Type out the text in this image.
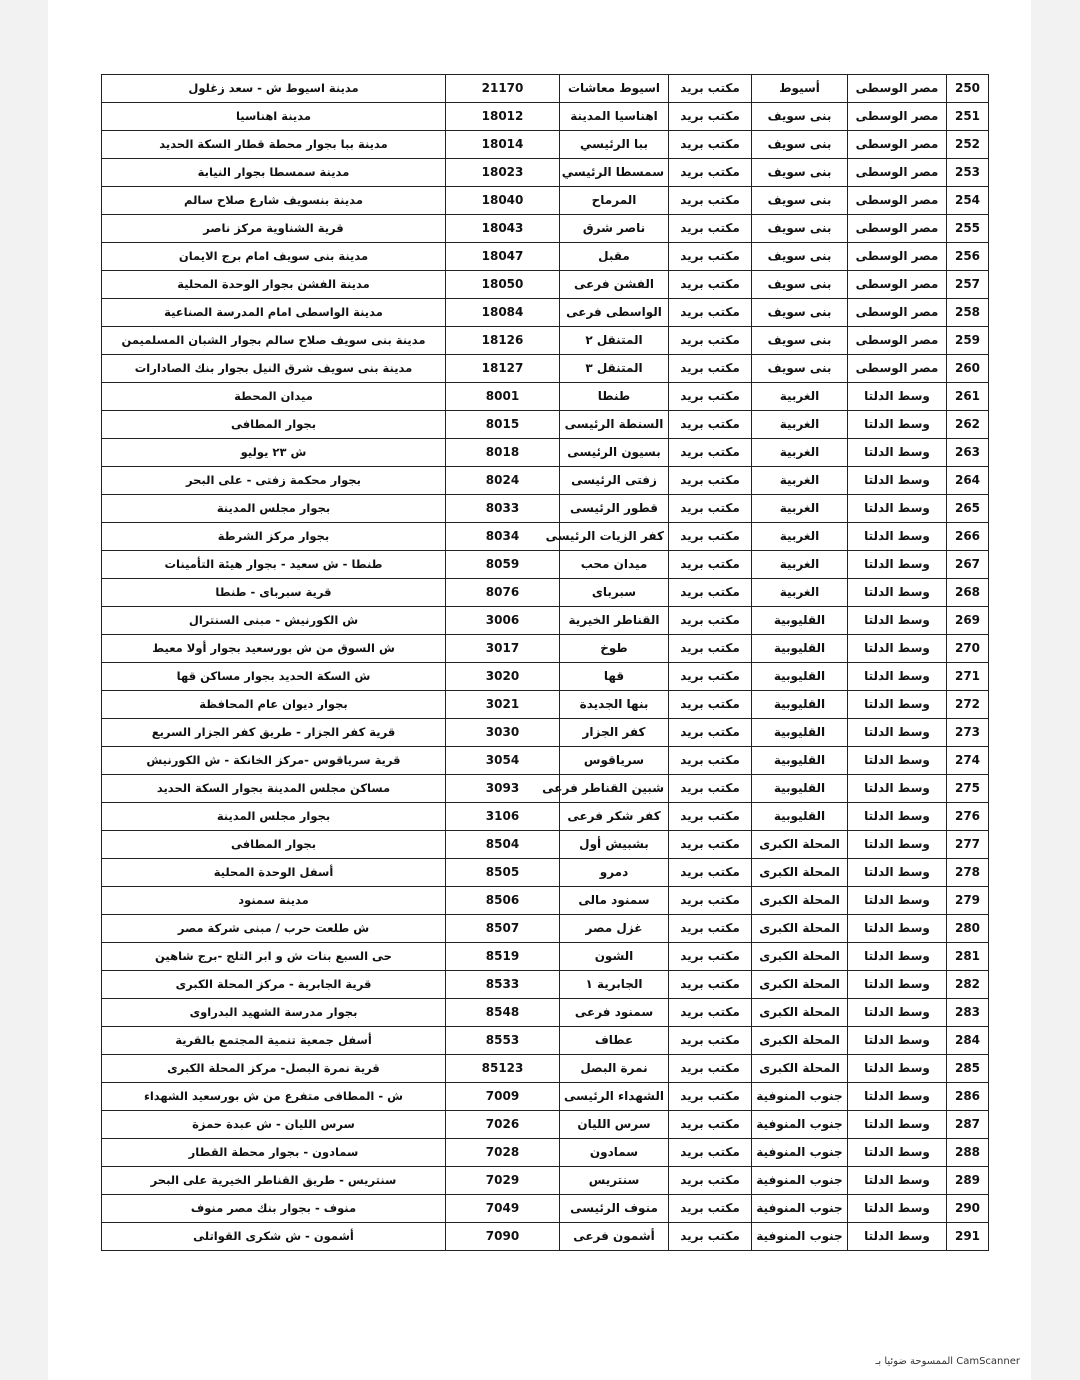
250	مصر الوسطى	أسيوط	مكتب بريد	اسيوط معاشات	21170	مدينة اسيوط ش - سعد زغلول
251	مصر الوسطى	بنى سويف	مكتب بريد	اهناسيا المدينة	18012	مدينة اهناسيا
252	مصر الوسطى	بنى سويف	مكتب بريد	ببا الرئيسي	18014	مدينة ببا بجوار محطة قطار السكة الحديد
253	مصر الوسطى	بنى سويف	مكتب بريد	سمسطا الرئيسي	18023	مدينة سمسطا بجوار النيابة
254	مصر الوسطى	بنى سويف	مكتب بريد	المرماح	18040	مدينة بنسويف شارع صلاح سالم
255	مصر الوسطى	بنى سويف	مكتب بريد	ناصر شرق	18043	قرية الشناوية مركز ناصر
256	مصر الوسطى	بنى سويف	مكتب بريد	مقبل	18047	مدينة بنى سويف امام برج الايمان
257	مصر الوسطى	بنى سويف	مكتب بريد	الفشن فرعى	18050	مدينة الفشن بجوار الوحدة المحلية
258	مصر الوسطى	بنى سويف	مكتب بريد	الواسطى فرعى	18084	مدينة الواسطى امام المدرسة الصناعية
259	مصر الوسطى	بنى سويف	مكتب بريد	المتنقل ٢	18126	مدينة بنى سويف صلاح سالم بجوار الشبان المسلميمن
260	مصر الوسطى	بنى سويف	مكتب بريد	المتنقل ٣	18127	مدينة بنى سويف شرق النيل بجوار بنك الصادارات
261	وسط الدلتا	الغربية	مكتب بريد	طنطا	8001	ميدان المحطة
262	وسط الدلتا	الغربية	مكتب بريد	السنطة الرئيسى	8015	بجوار المطافى
263	وسط الدلتا	الغربية	مكتب بريد	بسيون الرئيسى	8018	ش ٢٣ يوليو
264	وسط الدلتا	الغربية	مكتب بريد	زفتى الرئيسى	8024	بجوار محكمة زفتى - على البحر
265	وسط الدلتا	الغربية	مكتب بريد	قطور الرئيسى	8033	بجوار مجلس المدينة
266	وسط الدلتا	الغربية	مكتب بريد	كفر الزيات الرئيسى	8034	بجوار مركز الشرطة
267	وسط الدلتا	الغربية	مكتب بريد	ميدان محب	8059	طنطا - ش سعيد - بجوار هيئة التأمينات
268	وسط الدلتا	الغربية	مكتب بريد	سبرباى	8076	قرية سبرباى - طنطا
269	وسط الدلتا	القليوبية	مكتب بريد	القناطر الخيرية	3006	ش الكورنيش - مبنى السنترال
270	وسط الدلتا	القليوبية	مكتب بريد	طوخ	3017	ش السوق من ش بورسعيد بجوار أولا معيط
271	وسط الدلتا	القليوبية	مكتب بريد	قها	3020	ش السكة الحديد بجوار مساكن قها
272	وسط الدلتا	القليوبية	مكتب بريد	بنها الجديدة	3021	بجوار ديوان عام المحافظة
273	وسط الدلتا	القليوبية	مكتب بريد	كفر الجزار	3030	قرية كفر الجزار - طريق كفر الجزار السريع
274	وسط الدلتا	القليوبية	مكتب بريد	سرياقوس	3054	قرية سرياقوس -مركز الخانكة - ش الكورنيش
275	وسط الدلتا	القليوبية	مكتب بريد	شبين القناطر فرعى	3093	مساكن مجلس المدينة بجوار السكة الحديد
276	وسط الدلتا	القليوبية	مكتب بريد	كفر شكر فرعى	3106	بجوار مجلس المدينة
277	وسط الدلتا	المحلة الكبرى	مكتب بريد	بشبيش أول	8504	بجوار المطافى
278	وسط الدلتا	المحلة الكبرى	مكتب بريد	دمرو	8505	أسفل الوحدة المحلية
279	وسط الدلتا	المحلة الكبرى	مكتب بريد	سمنود مالى	8506	مدينة سمنود
280	وسط الدلتا	المحلة الكبرى	مكتب بريد	غزل مصر	8507	ش طلعت حرب / مبنى شركة مصر
281	وسط الدلتا	المحلة الكبرى	مكتب بريد	الشون	8519	حى السبع بنات ش و ابر التلج -برج شاهين
282	وسط الدلتا	المحلة الكبرى	مكتب بريد	الجابرية ١	8533	قرية الجابرية - مركز المحلة الكبرى
283	وسط الدلتا	المحلة الكبرى	مكتب بريد	سمنود فرعى	8548	بجوار مدرسة الشهيد البدراوى
284	وسط الدلتا	المحلة الكبرى	مكتب بريد	عطاف	8553	أسفل جمعية تنمية المجتمع بالقرية
285	وسط الدلتا	المحلة الكبرى	مكتب بريد	نمرة البصل	85123	قرية نمرة البصل- مركز المحلة الكبرى
286	وسط الدلتا	جنوب المنوفية	مكتب بريد	الشهداء الرئيسى	7009	ش - المطافى متفرع من ش بورسعيد الشهداء
287	وسط الدلتا	جنوب المنوفية	مكتب بريد	سرس الليان	7026	سرس الليان - ش عبدة حمزة
288	وسط الدلتا	جنوب المنوفية	مكتب بريد	سمادون	7028	سمادون - بجوار محطة القطار
289	وسط الدلتا	جنوب المنوفية	مكتب بريد	سنتريس	7029	سنتريس - طريق القناطر الخيرية على البحر
290	وسط الدلتا	جنوب المنوفية	مكتب بريد	منوف الرئيسى	7049	منوف - بجوار بنك مصر منوف
291	وسط الدلتا	جنوب المنوفية	مكتب بريد	أشمون فرعى	7090	أشمون - ش شكرى القواتلى
الممسوحة ضوئيا بـ CamScanner
